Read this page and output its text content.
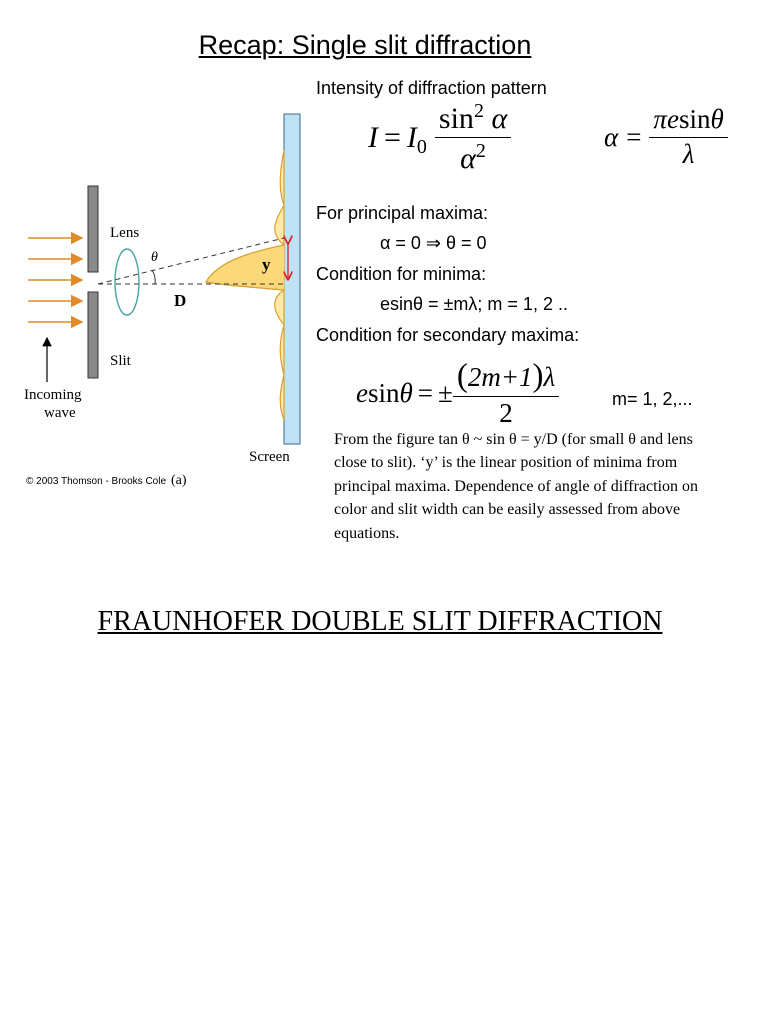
Recap: Single slit diffraction
Intensity of diffraction pattern
I = I $0 \frac{\sin^2 \alpha}{\alpha^2}$	$\alpha = \frac{\pi esin\theta}{\lambda}$
For principal maxima:
α = 0 ⇒ θ = 0
Condition for minima:
esinθ = ±mλ; m = 1, 2 ..
Condition for secondary maxima:
e sin θ = ± $\frac{(2m+1)\lambda}{2}$	m= 1, 2,...
From the figure tan θ ~ sin θ = y/D (for small θ and lens close to slit). ‘y’ is the linear position of minima from principal maxima. Dependence of angle of diffraction on color and slit width can be easily assessed from above equations.
FRAUNHOFER DOUBLE SLIT DIFFRACTION
Lens
θ	y
D
Slit
Incoming
wave
Screen
© 2003 Thomson - Brooks Cole (a)
